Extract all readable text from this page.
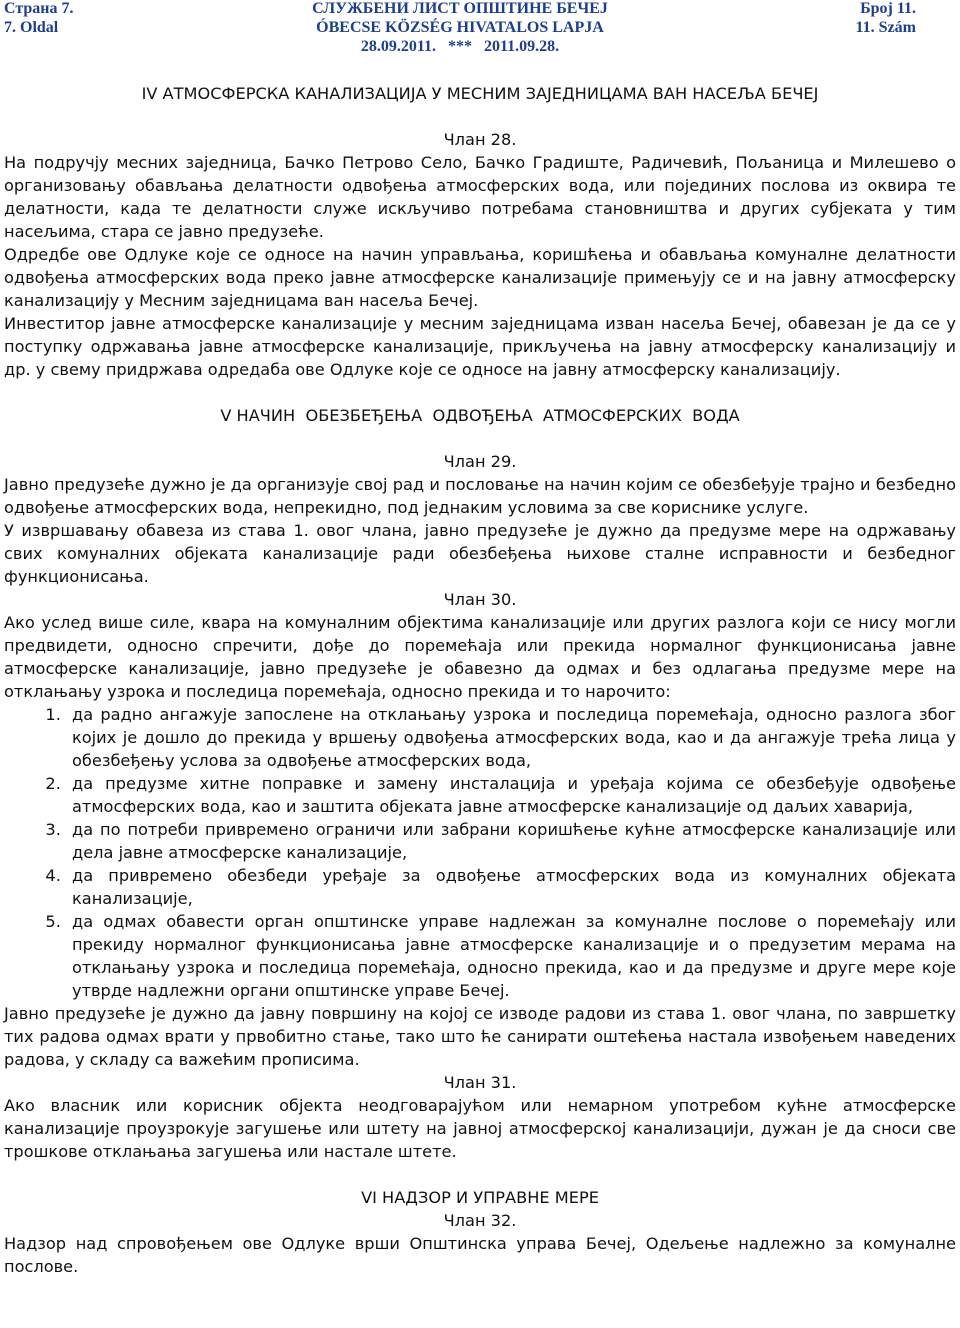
Страна 7.	СЛУЖБЕНИ ЛИСТ ОПШТИНЕ БЕЧЕЈ	Број 11.
7. Oldal	ÓBECSE KÖZSÉG HIVATALOS LAPJA	11. Szám
28.09.2011.   ***   2011.09.28.
IV АТМОСФЕРСКА КАНАЛИЗАЦИЈА У МЕСНИМ ЗАЈЕДНИЦАМА ВАН НАСЕЉА БЕЧЕЈ
Члан 28.

На подручју месних заједница, Бачко Петрово Село, Бачко Градиште, Радичевић, Пољаница и Милешево о организовању обављања делатности одвођења атмосферских вода, или појединих послова из оквира те делатности, када те делатности служе искључиво потребама становништва и других субјеката у тим насељима, стара се јавно предузеће.

Одредбе ове Одлуке које се односе на начин управљања, коришћења и обављања комуналне делатности одвођења атмосферских вода преко јавне атмосферске канализације примењују се и на јавну атмосферску канализацију у Месним заједницама ван насеља Бечеј.

Инвеститор јавне атмосферске канализације у месним заједницама изван насеља Бечеј, обавезан је да се у поступку одржавања јавне атмосферске канализације, прикључења на јавну атмосферску канализацију и др. у свему придржава одредаба ове Одлуке које се односе на јавну атмосферску канализацију.

V НАЧИН  ОБЕЗБЕЂЕЊА  ОДВОЂЕЊА  АТМОСФЕРСКИХ  ВОДА
Члан 29.

Јавно предузеће дужно је да организује свој рад и пословање на начин којим се обезбеђује трајно и безбедно одвођење атмосферских вода, непрекидно, под једнаким условима за све кориснике услуге.

У извршавању обавеза из става 1. овог члана, јавно предузеће је дужно да предузме мере на одржавању свих комуналних објеката канализације ради обезбеђења њихове сталне исправности и безбедног функционисања.

Члан 30.

Ако услед више силе, квара на комуналним објектима канализације или других разлога који се нису могли предвидети, односно спречити, дође до поремећаја или прекида нормалног функционисања јавне атмосферске канализације, јавно предузеће је обавезно да одмах и без одлагања предузме мере на отклањању узрока и последица поремећаја, односно прекида и то нарочито:

1. да радно ангажује запослене на отклањању узрока и последица поремећаја, односно разлога због којих је дошло до прекида у вршењу одвођења атмосферских вода, као и да ангажује трећа лица у обезбеђењу услова за одвођење атмосферских вода,
2. да предузме хитне поправке и замену инсталација и уређаја којима се обезбеђује одвођење атмосферских вода, као и заштита објеката јавне атмосферске канализације од даљих хаварија,
3. да по потреби привремено ограничи или забрани коришћење кућне атмосферске канализације или дела јавне атмосферске канализације,
4. да привремено обезбеди уређаје за одвођење атмосферских вода из комуналних објеката канализације,
5. да одмах обавести орган општинске управе надлежан за комуналне послове о поремећају или прекиду нормалног функционисања јавне атмосферске канализације и о предузетим мерама на отклањању узрока и последица поремећаја, односно прекида, као и да предузме и друге мере које утврде надлежни органи општинске управе Бечеј.

Јавно предузеће је дужно да јавну површину на којој се изводе радови из става 1. овог члана, по завршетку тих радова одмах врати у првобитно стање, тако што ће санирати оштећења настала извођењем наведених радова, у складу са важећим прописима.

Члан 31.

Ако власник или корисник објекта неодговарајућом или немарном употребом кућне атмосферске канализације проузрокује загушење или штету на јавној атмосферској канализацији, дужан је да сноси све трошкове отклањања загушења или настале штете.

VI НАДЗОР И УПРАВНЕ МЕРЕ
Члан 32.

Надзор над спровођењем ове Одлуке врши Општинска управа Бечеј, Одељење надлежно за комуналне послове.
